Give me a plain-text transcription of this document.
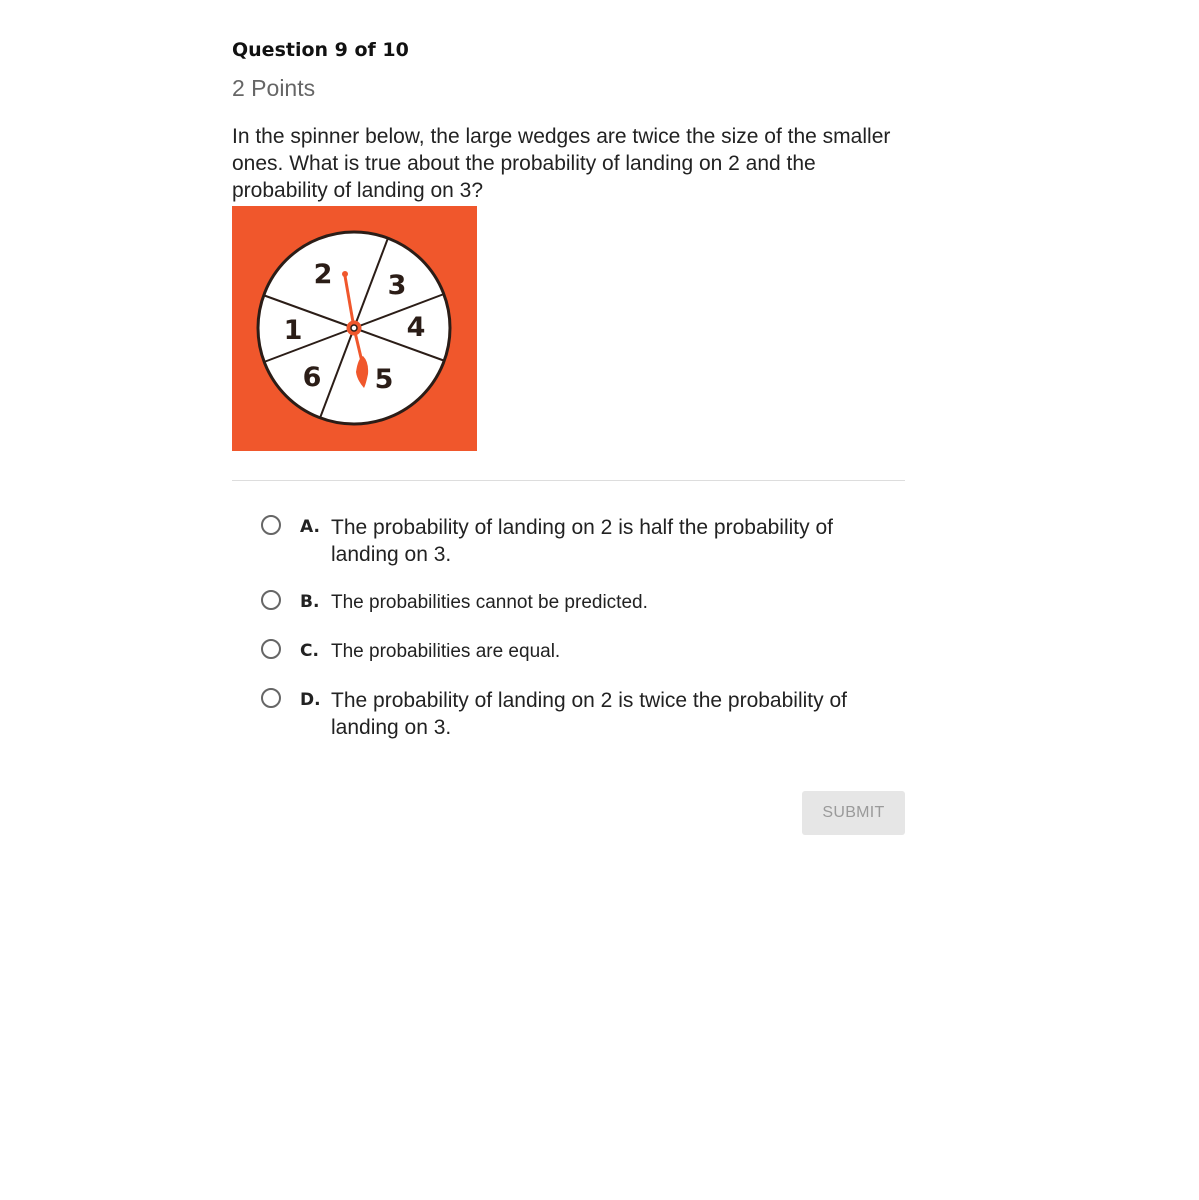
Question 9 of 10
2 Points
In the spinner below, the large wedges are twice the size of the smaller ones. What is true about the probability of landing on 2 and the probability of landing on 3?
2 3
4
5
6
1
A. The probability of landing on 2 is half the probability of landing on 3.
B. The probabilities cannot be predicted.
C. The probabilities are equal.
D. The probability of landing on 2 is twice the probability of landing on 3.
SUBMIT
